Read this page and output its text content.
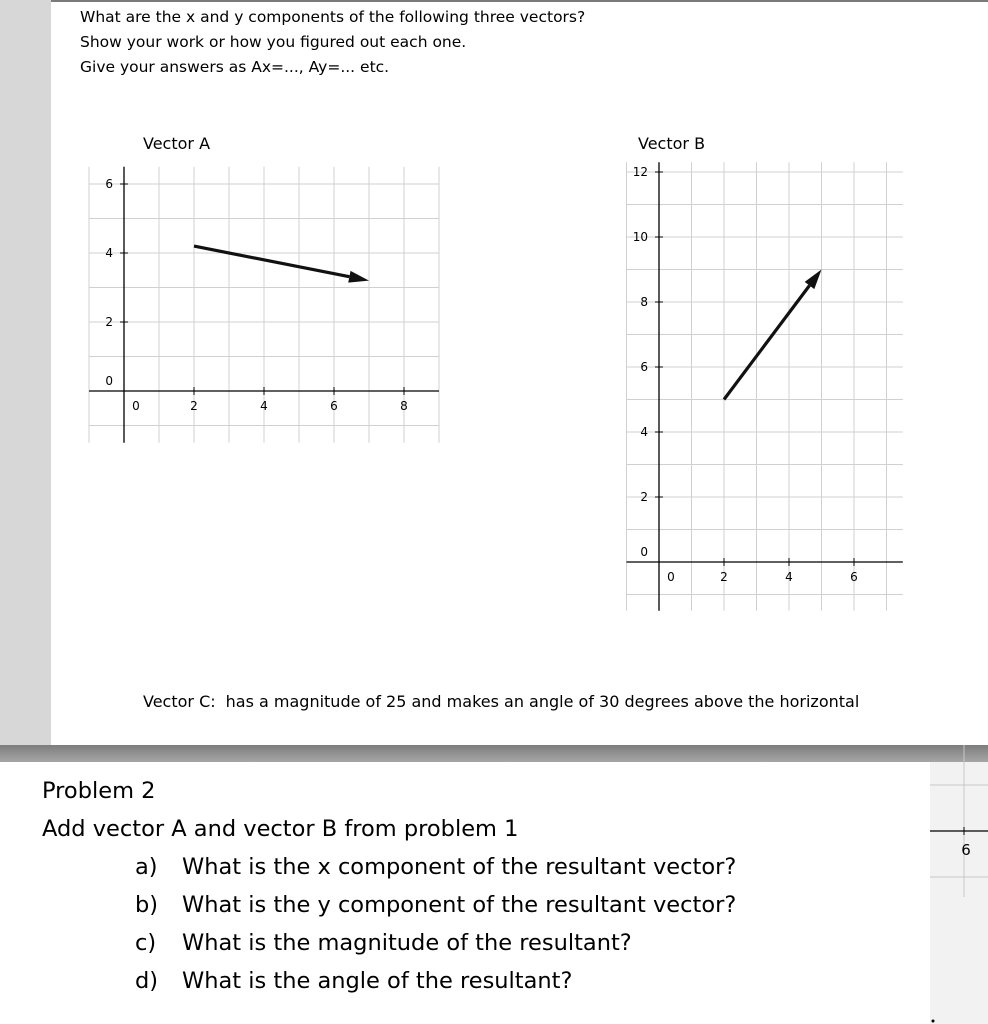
What are the x and y components of the following three vectors?
Show your work or how you figured out each one.
Give your answers as Ax=..., Ay=... etc.
Vector A
0	2	4	6	8
0
2
4
6
Vector B
0	2	4	6
0
2
4
6
8
10
12
Vector C: has a magnitude of 25 and makes an angle of 30 degrees above the horizontal
Problem 2
Add vector A and vector B from problem 1
a) What is the x component of the resultant vector?
b) What is the y component of the resultant vector?
c) What is the magnitude of the resultant?
d) What is the angle of the resultant?
6
